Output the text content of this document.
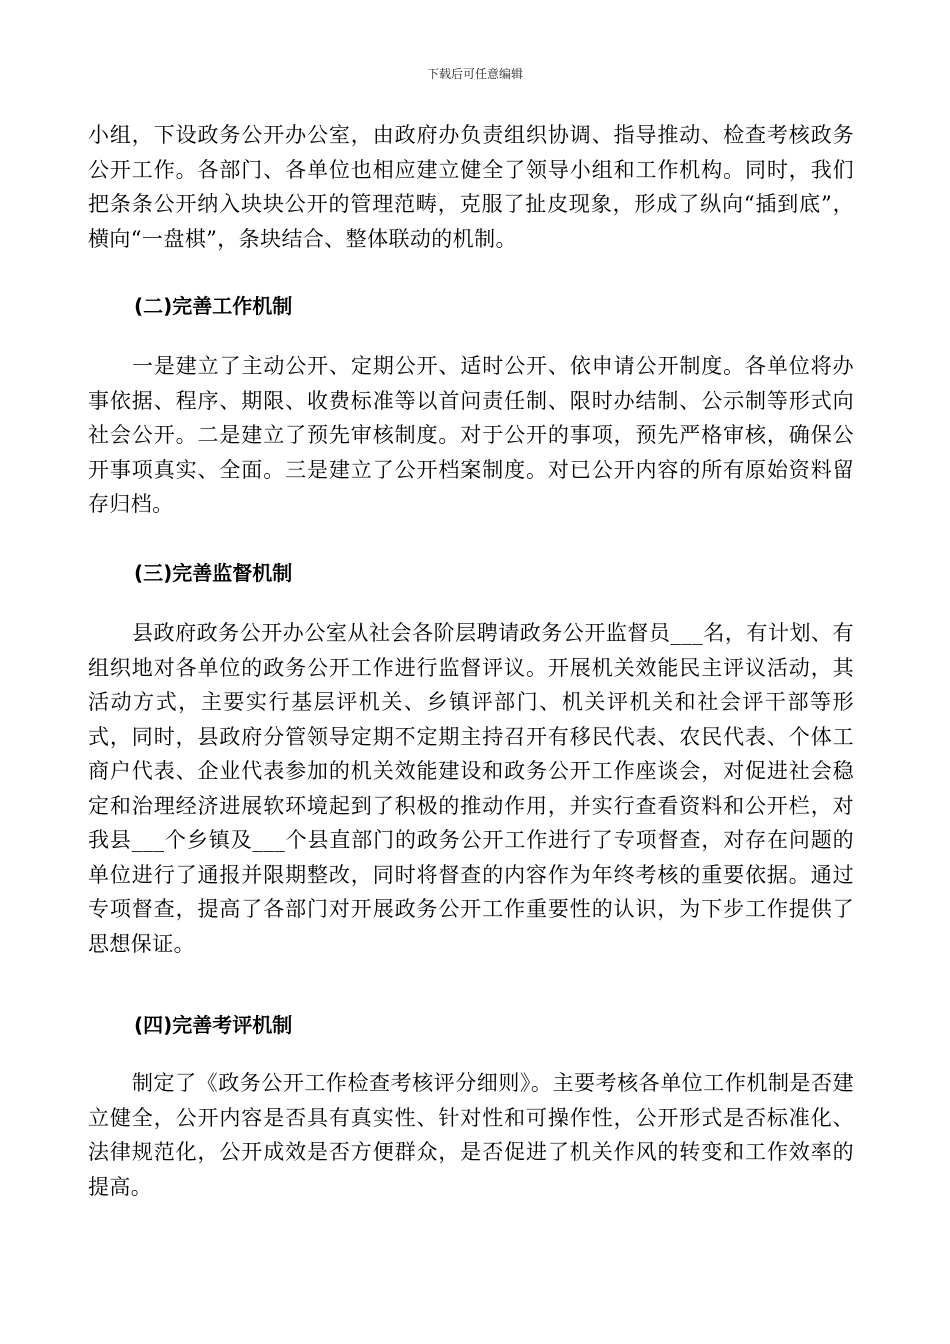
下载后可任意编辑

小组，下设政务公开办公室，由政府办负责组织协调、指导推动、检查考核政务公开工作。各部门、各单位也相应建立健全了领导小组和工作机构。同时，我们把条条公开纳入块块公开的管理范畴，克服了扯皮现象，形成了纵向“插到底”，横向“一盘棋”，条块结合、整体联动的机制。

(二)完善工作机制

一是建立了主动公开、定期公开、适时公开、依申请公开制度。各单位将办事依据、程序、期限、收费标准等以首问责任制、限时办结制、公示制等形式向社会公开。二是建立了预先审核制度。对于公开的事项，预先严格审核，确保公开事项真实、全面。三是建立了公开档案制度。对已公开内容的所有原始资料留存归档。

(三)完善监督机制

县政府政务公开办公室从社会各阶层聘请政务公开监督员___名，有计划、有组织地对各单位的政务公开工作进行监督评议。开展机关效能民主评议活动，其活动方式，主要实行基层评机关、乡镇评部门、机关评机关和社会评干部等形式，同时，县政府分管领导定期不定期主持召开有移民代表、农民代表、个体工商户代表、企业代表参加的机关效能建设和政务公开工作座谈会，对促进社会稳定和治理经济进展软环境起到了积极的推动作用，并实行查看资料和公开栏，对我县___个乡镇及___个县直部门的政务公开工作进行了专项督查，对存在问题的单位进行了通报并限期整改，同时将督查的内容作为年终考核的重要依据。通过专项督查，提高了各部门对开展政务公开工作重要性的认识，为下步工作提供了思想保证。

(四)完善考评机制

制定了《政务公开工作检查考核评分细则》。主要考核各单位工作机制是否建立健全，公开内容是否具有真实性、针对性和可操作性，公开形式是否标准化、法律规范化，公开成效是否方便群众，是否促进了机关作风的转变和工作效率的提高。
